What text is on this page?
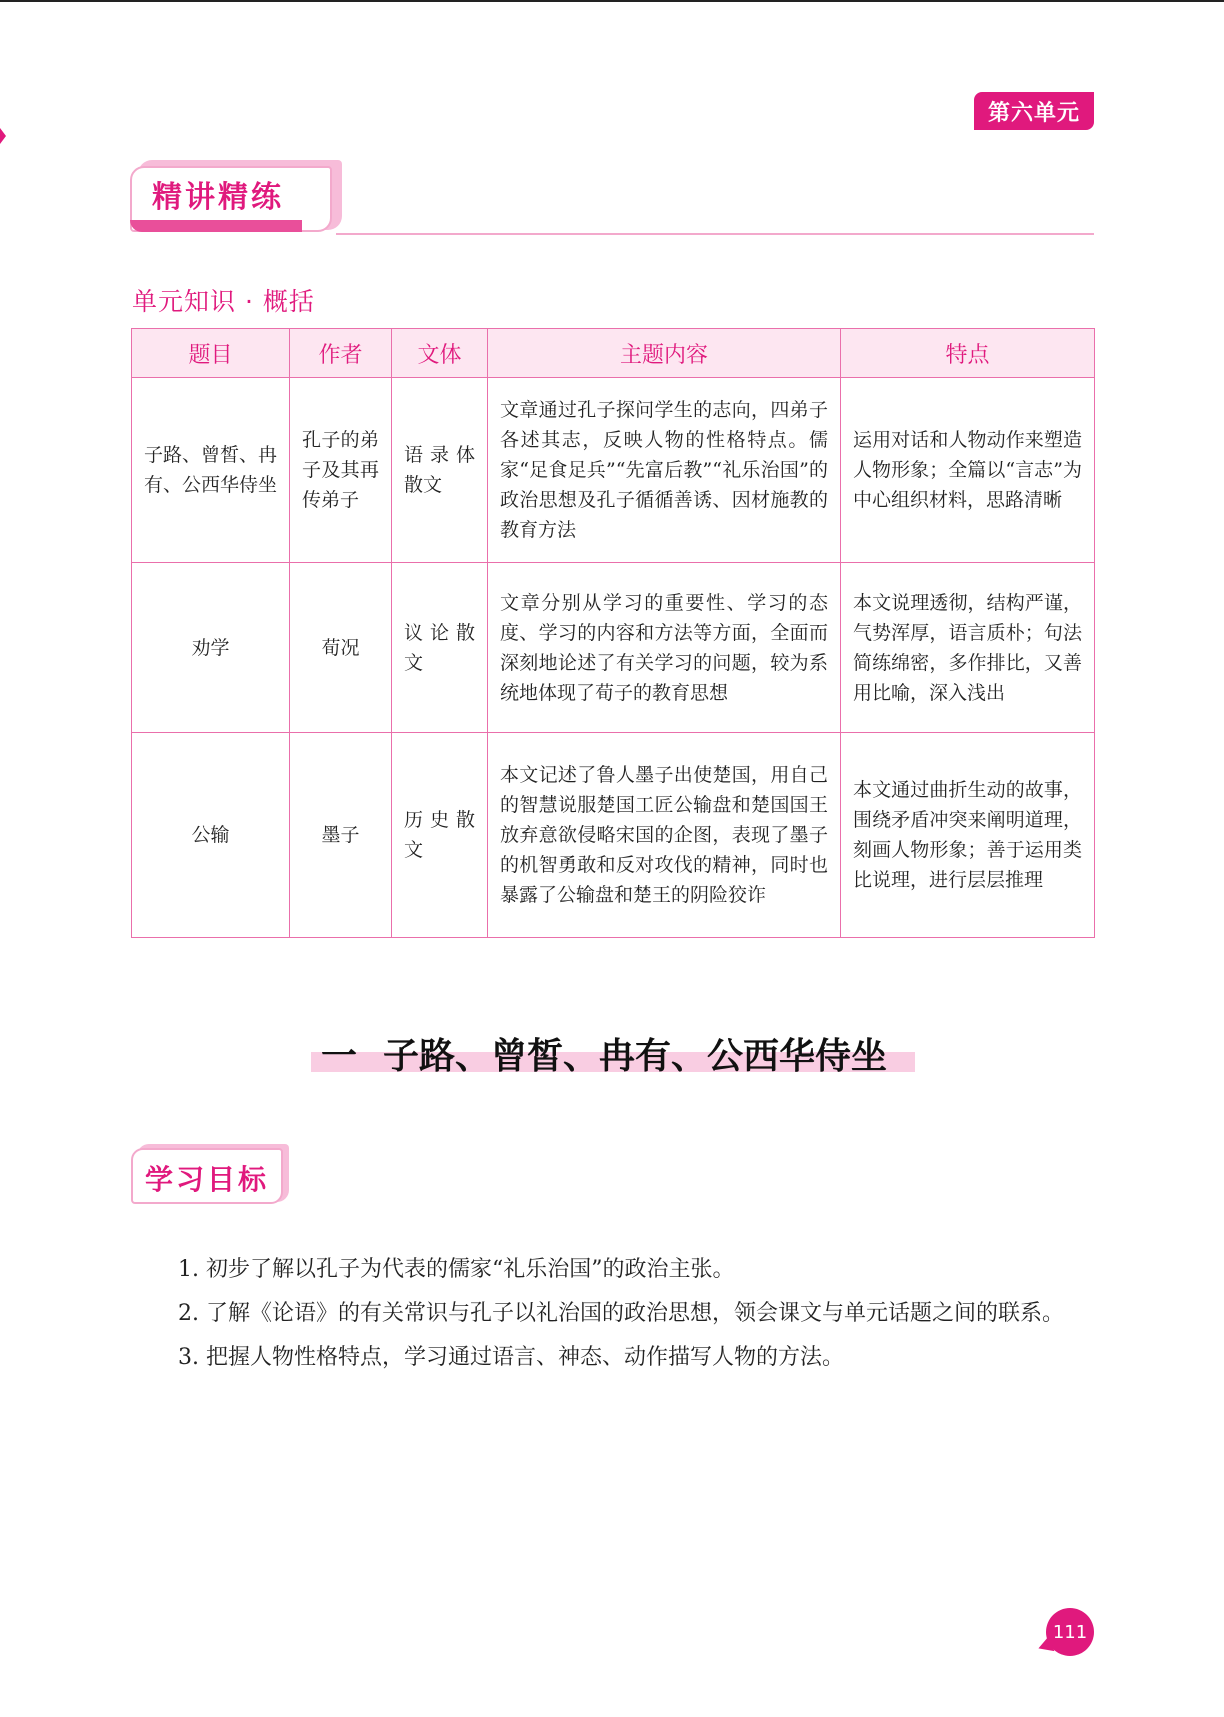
第六单元
精讲精练
单元知识 · 概括
题目	作者	文体	主题内容	特点
子路、曾皙、冉有、公西华侍坐	孔子的弟子及其再传弟子	语录体散文	文章通过孔子探问学生的志向，四弟子各述其志，反映人物的性格特点。儒家“足食足兵”“先富后教”“礼乐治国”的政治思想及孔子循循善诱、因材施教的教育方法	运用对话和人物动作来塑造人物形象；全篇以“言志”为中心组织材料，思路清晰
劝学	荀况	议论散文	文章分别从学习的重要性、学习的态度、学习的内容和方法等方面，全面而深刻地论述了有关学习的问题，较为系统地体现了荀子的教育思想	本文说理透彻，结构严谨，气势浑厚，语言质朴；句法简练绵密，多作排比，又善用比喻，深入浅出
公输	墨子	历史散文	本文记述了鲁人墨子出使楚国，用自己的智慧说服楚国工匠公输盘和楚国国王放弃意欲侵略宋国的企图，表现了墨子的机智勇敢和反对攻伐的精神，同时也暴露了公输盘和楚王的阴险狡诈	本文通过曲折生动的故事，围绕矛盾冲突来阐明道理，刻画人物形象；善于运用类比说理，进行层层推理
一 子路、曾皙、冉有、公西华侍坐
学习目标
1. 初步了解以孔子为代表的儒家“礼乐治国”的政治主张。
2. 了解《论语》的有关常识与孔子以礼治国的政治思想，领会课文与单元话题之间的联系。
3. 把握人物性格特点，学习通过语言、神态、动作描写人物的方法。
111
